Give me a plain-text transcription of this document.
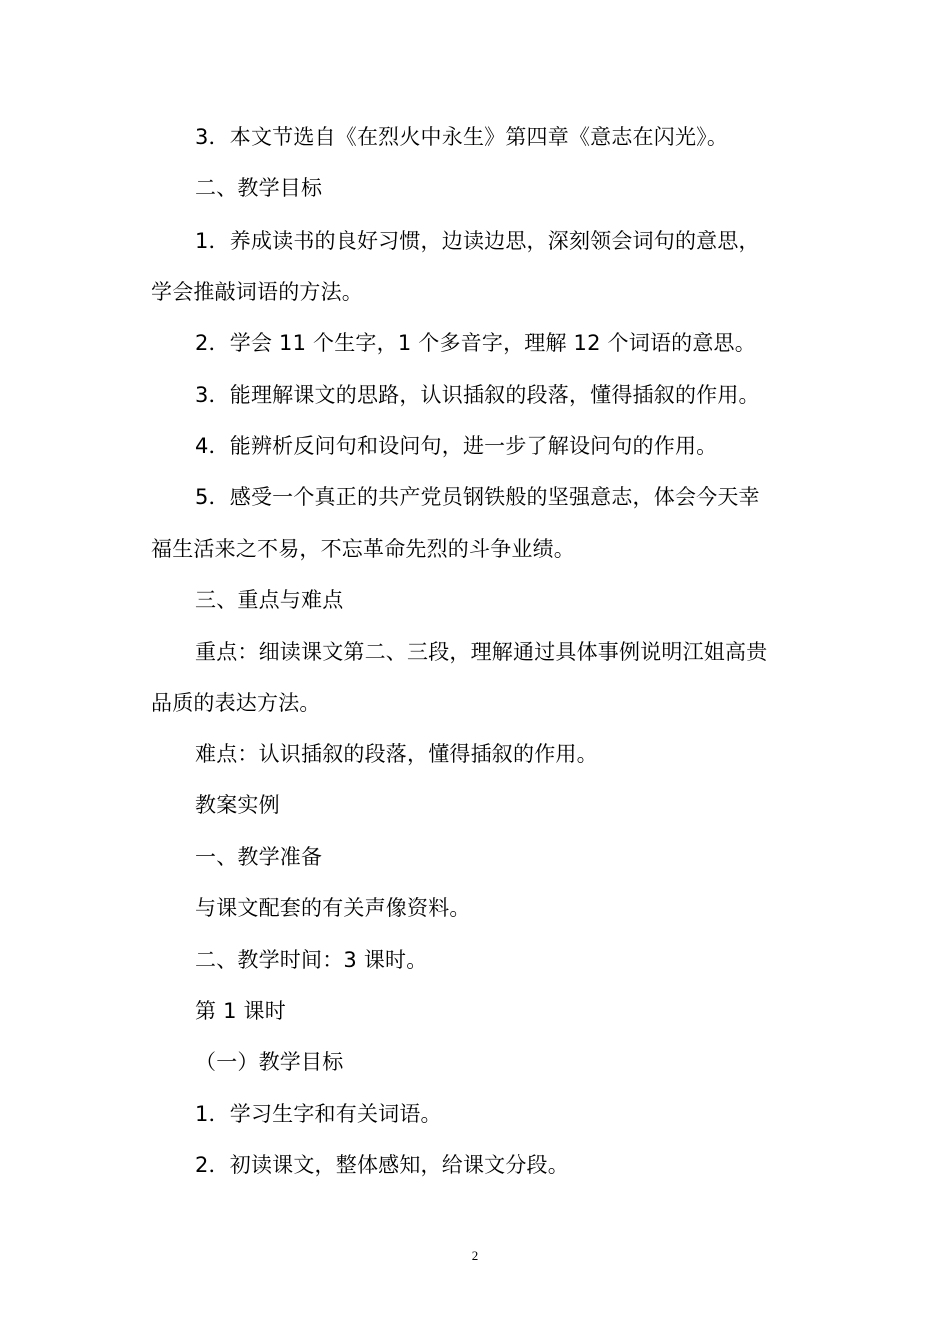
3．本文节选自《在烈火中永生》第四章《意志在闪光》。
二、教学目标
1．养成读书的良好习惯，边读边思，深刻领会词句的意思，
学会推敲词语的方法。
2．学会 11 个生字，1 个多音字，理解 12 个词语的意思。
3．能理解课文的思路，认识插叙的段落，懂得插叙的作用。
4．能辨析反问句和设问句，进一步了解设问句的作用。
5．感受一个真正的共产党员钢铁般的坚强意志，体会今天幸
福生活来之不易，不忘革命先烈的斗争业绩。
三、重点与难点
重点：细读课文第二、三段，理解通过具体事例说明江姐高贵
品质的表达方法。
难点：认识插叙的段落，懂得插叙的作用。
教案实例
一、教学准备
与课文配套的有关声像资料。
二、教学时间：3 课时。
第 1 课时
（一）教学目标
1．学习生字和有关词语。
2．初读课文，整体感知，给课文分段。
2
